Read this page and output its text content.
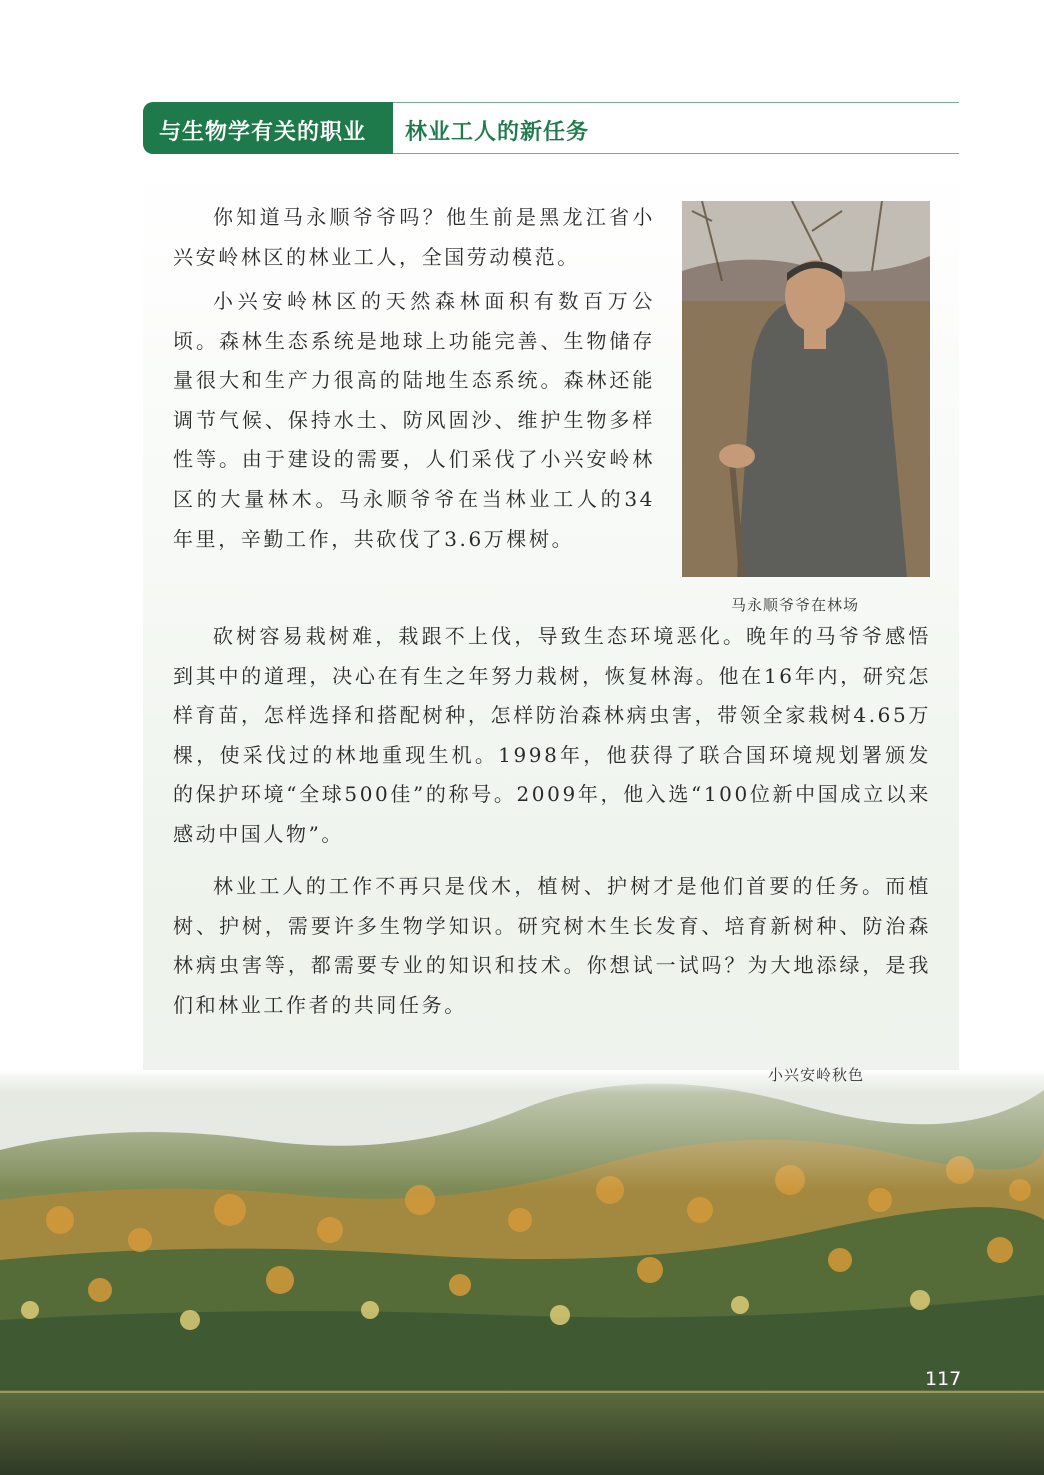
与生物学有关的职业 林业工人的新任务

你知道马永顺爷爷吗？他生前是黑龙江省小兴安岭林区的林业工人，全国劳动模范。

小兴安岭林区的天然森林面积有数百万公顷。森林生态系统是地球上功能完善、生物储存量很大和生产力很高的陆地生态系统。森林还能调节气候、保持水土、防风固沙、维护生物多样性等。由于建设的需要，人们采伐了小兴安岭林区的大量林木。马永顺爷爷在当林业工人的34年里，辛勤工作，共砍伐了3.6万棵树。

砍树容易栽树难，栽跟不上伐，导致生态环境恶化。晚年的马爷爷感悟到其中的道理，决心在有生之年努力栽树，恢复林海。他在16年内，研究怎样育苗，怎样选择和搭配树种，怎样防治森林病虫害，带领全家栽树4.65万棵，使采伐过的林地重现生机。1998年，他获得了联合国环境规划署颁发的保护环境“全球500佳”的称号。2009年，他入选“100位新中国成立以来感动中国人物”。

林业工人的工作不再只是伐木，植树、护树才是他们首要的任务。而植树、护树，需要许多生物学知识。研究树木生长发育、培育新树种、防治森林病虫害等，都需要专业的知识和技术。你想试一试吗？为大地添绿，是我们和林业工作者的共同任务。

马永顺爷爷在林场
小兴安岭秋色
117
